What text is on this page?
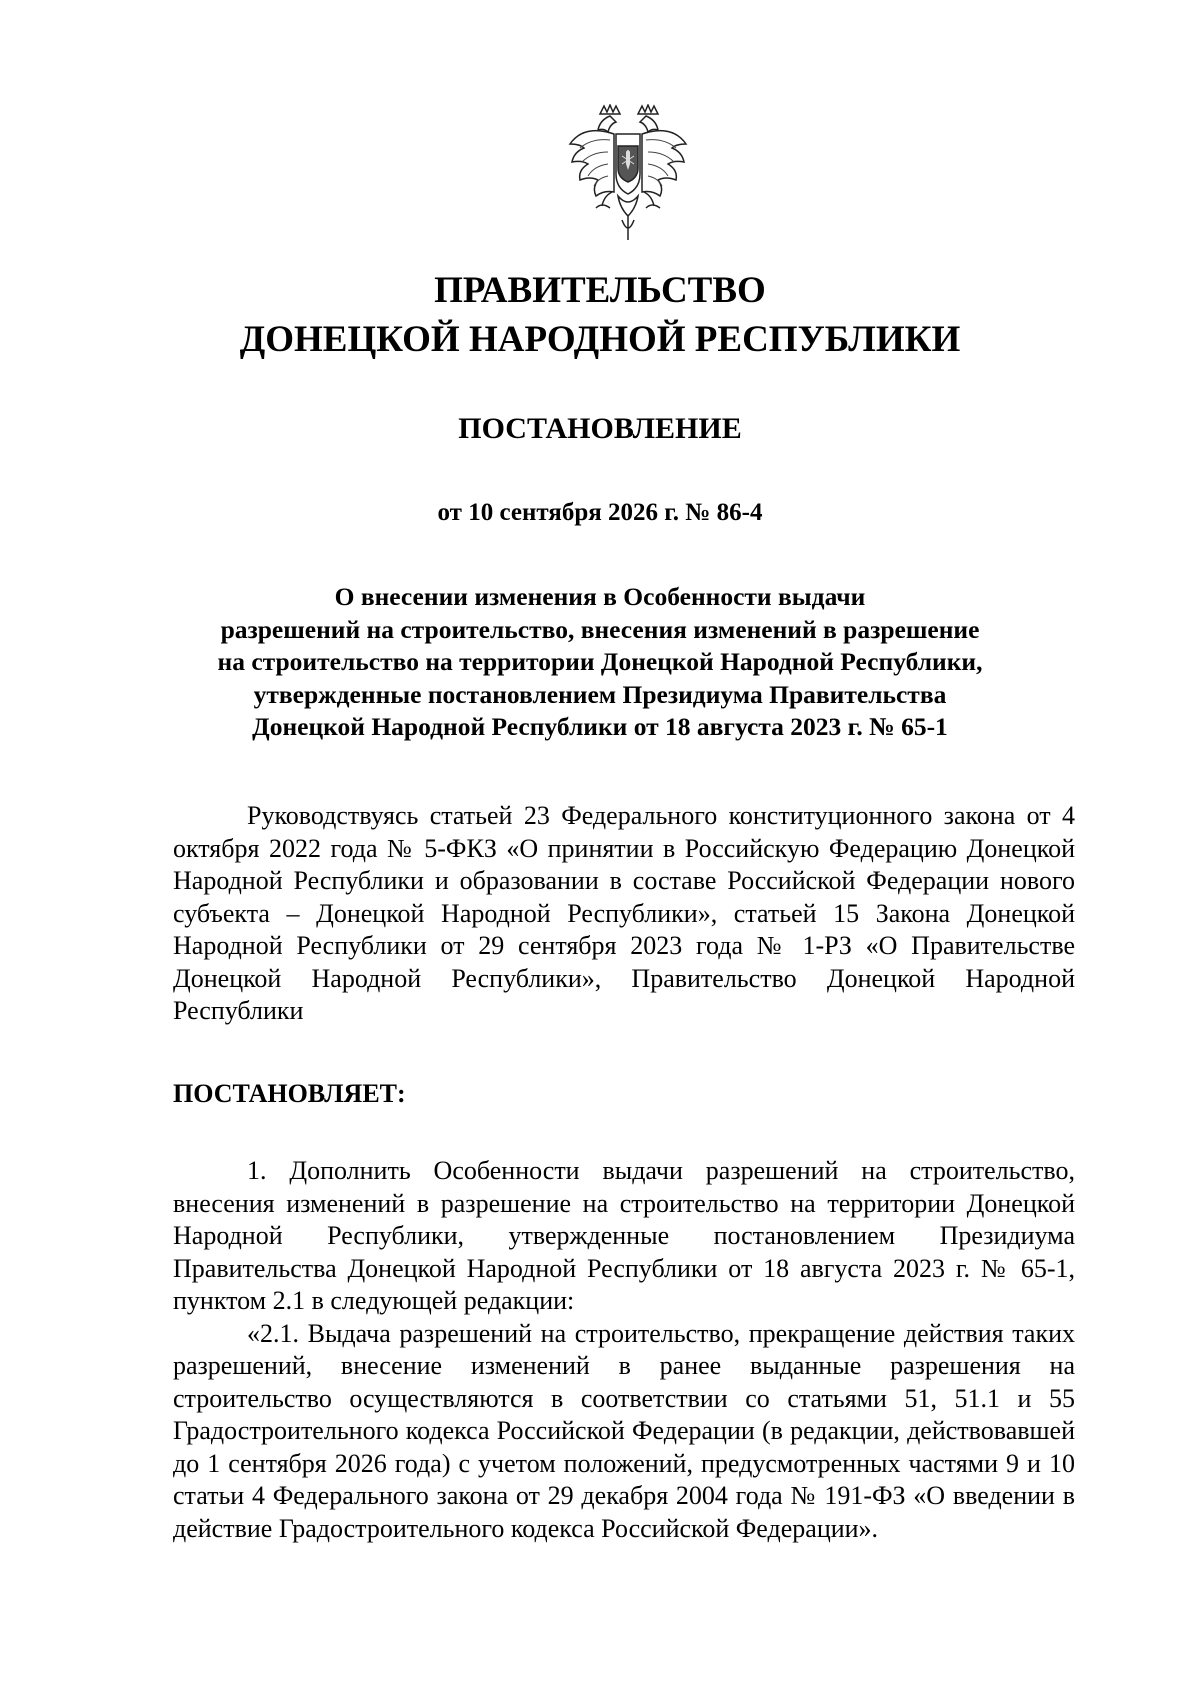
ПРАВИТЕЛЬСТВО
ДОНЕЦКОЙ НАРОДНОЙ РЕСПУБЛИКИ
ПОСТАНОВЛЕНИЕ
от 10 сентября 2026 г. № 86-4
О внесении изменения в Особенности выдачи
разрешений на строительство, внесения изменений в разрешение
на строительство на территории Донецкой Народной Республики,
утвержденные постановлением Президиума Правительства
Донецкой Народной Республики от 18 августа 2023 г. № 65-1

Руководствуясь статьей 23 Федерального конституционного закона от 4 октября 2022 года № 5-ФКЗ «О принятии в Российскую Федерацию Донецкой Народной Республики и образовании в составе Российской Федерации нового субъекта – Донецкой Народной Республики», статьей 15 Закона Донецкой Народной Республики от 29 сентября 2023 года № 1-РЗ «О Правительстве Донецкой Народной Республики», Правительство Донецкой Народной Республики

ПОСТАНОВЛЯЕТ:

1. Дополнить Особенности выдачи разрешений на строительство, внесения изменений в разрешение на строительство на территории Донецкой Народной Республики, утвержденные постановлением Президиума Правительства Донецкой Народной Республики от 18 августа 2023 г. № 65-1, пунктом 2.1 в следующей редакции:

«2.1. Выдача разрешений на строительство, прекращение действия таких разрешений, внесение изменений в ранее выданные разрешения на строительство осуществляются в соответствии со статьями 51, 51.1 и 55 Градостроительного кодекса Российской Федерации (в редакции, действовавшей до 1 сентября 2026 года) с учетом положений, предусмотренных частями 9 и 10 статьи 4 Федерального закона от 29 декабря 2004 года № 191-ФЗ «О введении в действие Градостроительного кодекса Российской Федерации».
